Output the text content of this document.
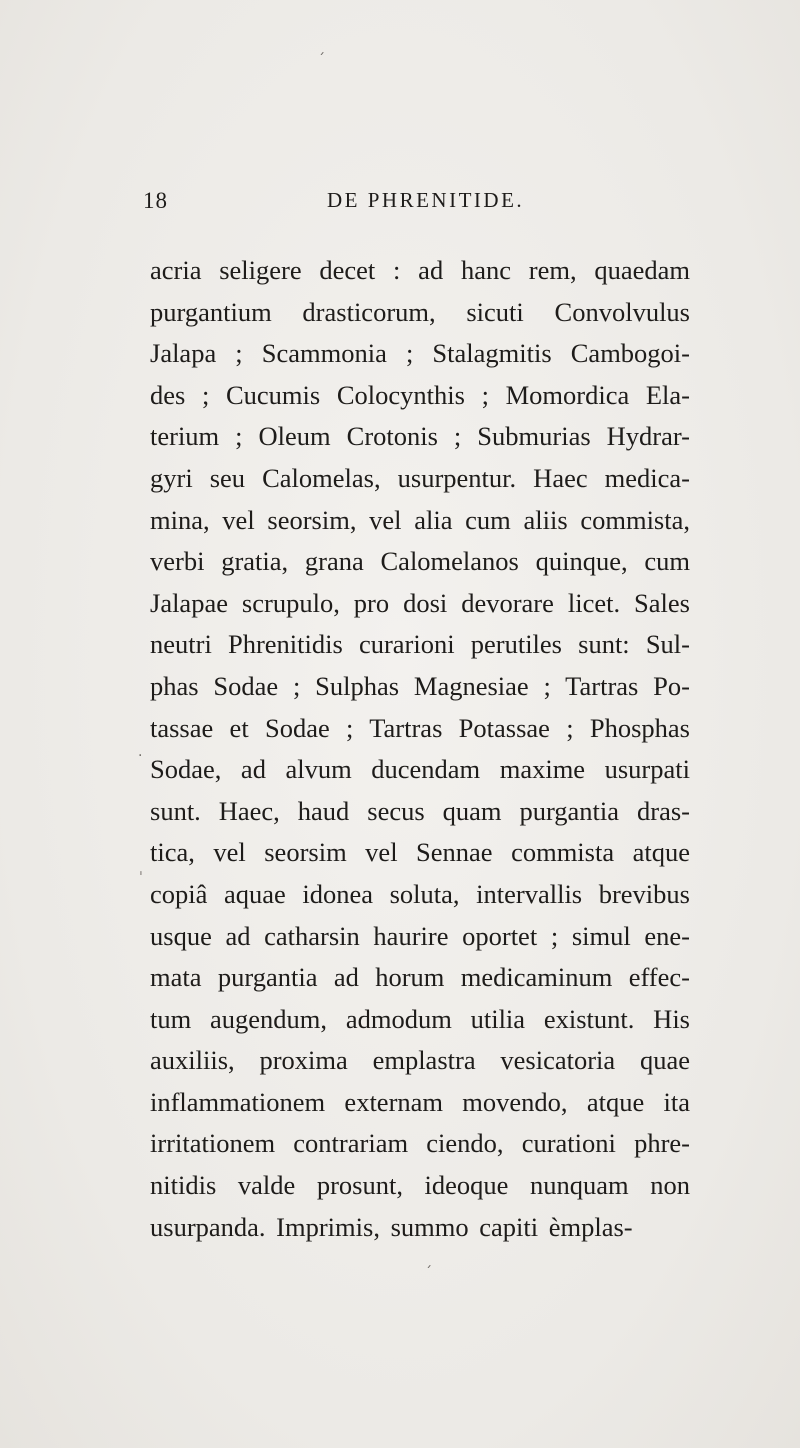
18	DE PHRENITIDE.
acria seligere decet : ad hanc rem, quaedam
purgantium drasticorum, sicuti Convolvulus
Jalapa ; Scammonia ; Stalagmitis Cambogoi-
des ; Cucumis Colocynthis ; Momordica Ela-
terium ; Oleum Crotonis ; Submurias Hydrar-
gyri seu Calomelas, usurpentur. Haec medica-
mina, vel seorsim, vel alia cum aliis commista,
verbi gratia, grana Calomelanos quinque, cum
Jalapae scrupulo, pro dosi devorare licet. Sales
neutri Phrenitidis curarioni perutiles sunt: Sul-
phas Sodae ; Sulphas Magnesiae ; Tartras Po-
tassae et Sodae ; Tartras Potassae ; Phosphas
Sodae, ad alvum ducendam maxime usurpati
sunt. Haec, haud secus quam purgantia dras-
tica, vel seorsim vel Sennae commista atque
copiâ aquae idonea soluta, intervallis brevibus
usque ad catharsin haurire oportet ; simul ene-
mata purgantia ad horum medicaminum effec-
tum augendum, admodum utilia existunt. His
auxiliis, proxima emplastra vesicatoria quae
inflammationem externam movendo, atque ita
irritationem contrariam ciendo, curationi phre-
nitidis valde prosunt, ideoque nunquam non
usurpanda. Imprimis, summo capiti èmplas-
ˊ
·
ˈ
ˊ
